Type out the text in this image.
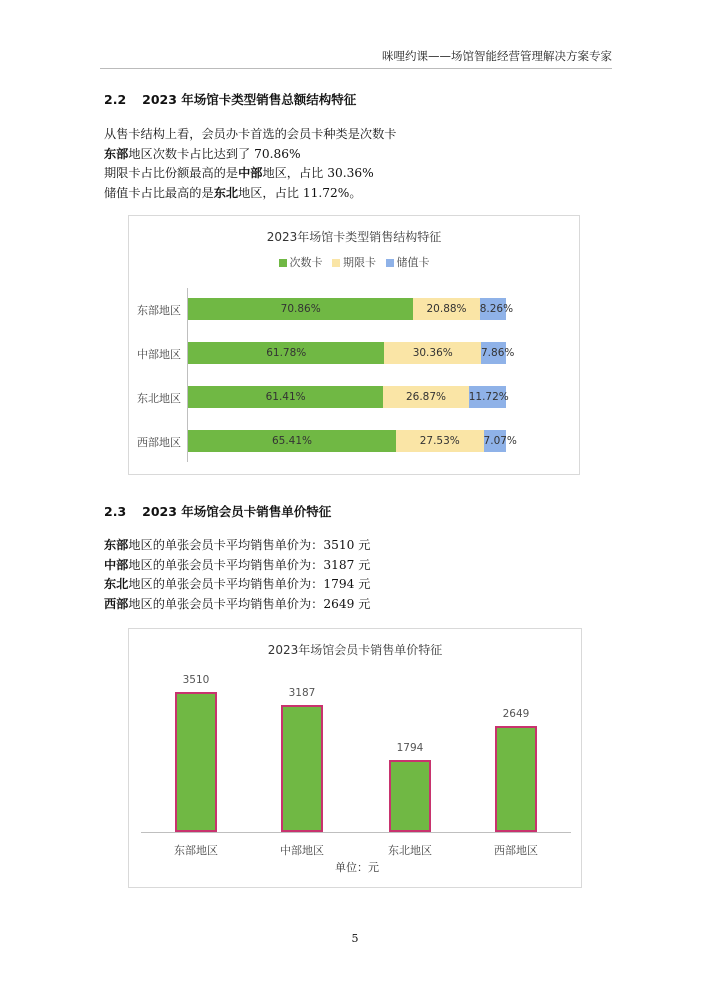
咪哩约课——场馆智能经营管理解决方案专家
2.2 2023 年场馆卡类型销售总额结构特征
从售卡结构上看，会员办卡首选的会员卡种类是次数卡
东部地区次数卡占比达到了 70.86%
期限卡占比份额最高的是中部地区，占比 30.36%
储值卡占比最高的是东北地区，占比 11.72%。
2023年场馆卡类型销售结构特征
次数卡 期限卡 储值卡
东部地区	70.86%	20.88%	8.26%
中部地区	61.78%	30.36%	7.86%
东北地区	61.41%	26.87%	11.72%
西部地区	65.41%	27.53%	7.07%
2.3 2023 年场馆会员卡销售单价特征
东部地区的单张会员卡平均销售单价为：3510 元
中部地区的单张会员卡平均销售单价为：3187 元
东北地区的单张会员卡平均销售单价为：1794 元
西部地区的单张会员卡平均销售单价为：2649 元
2023年场馆会员卡销售单价特征
3510
东部地区
3187
中部地区
1794
东北地区
2649
西部地区
单位：元
5
